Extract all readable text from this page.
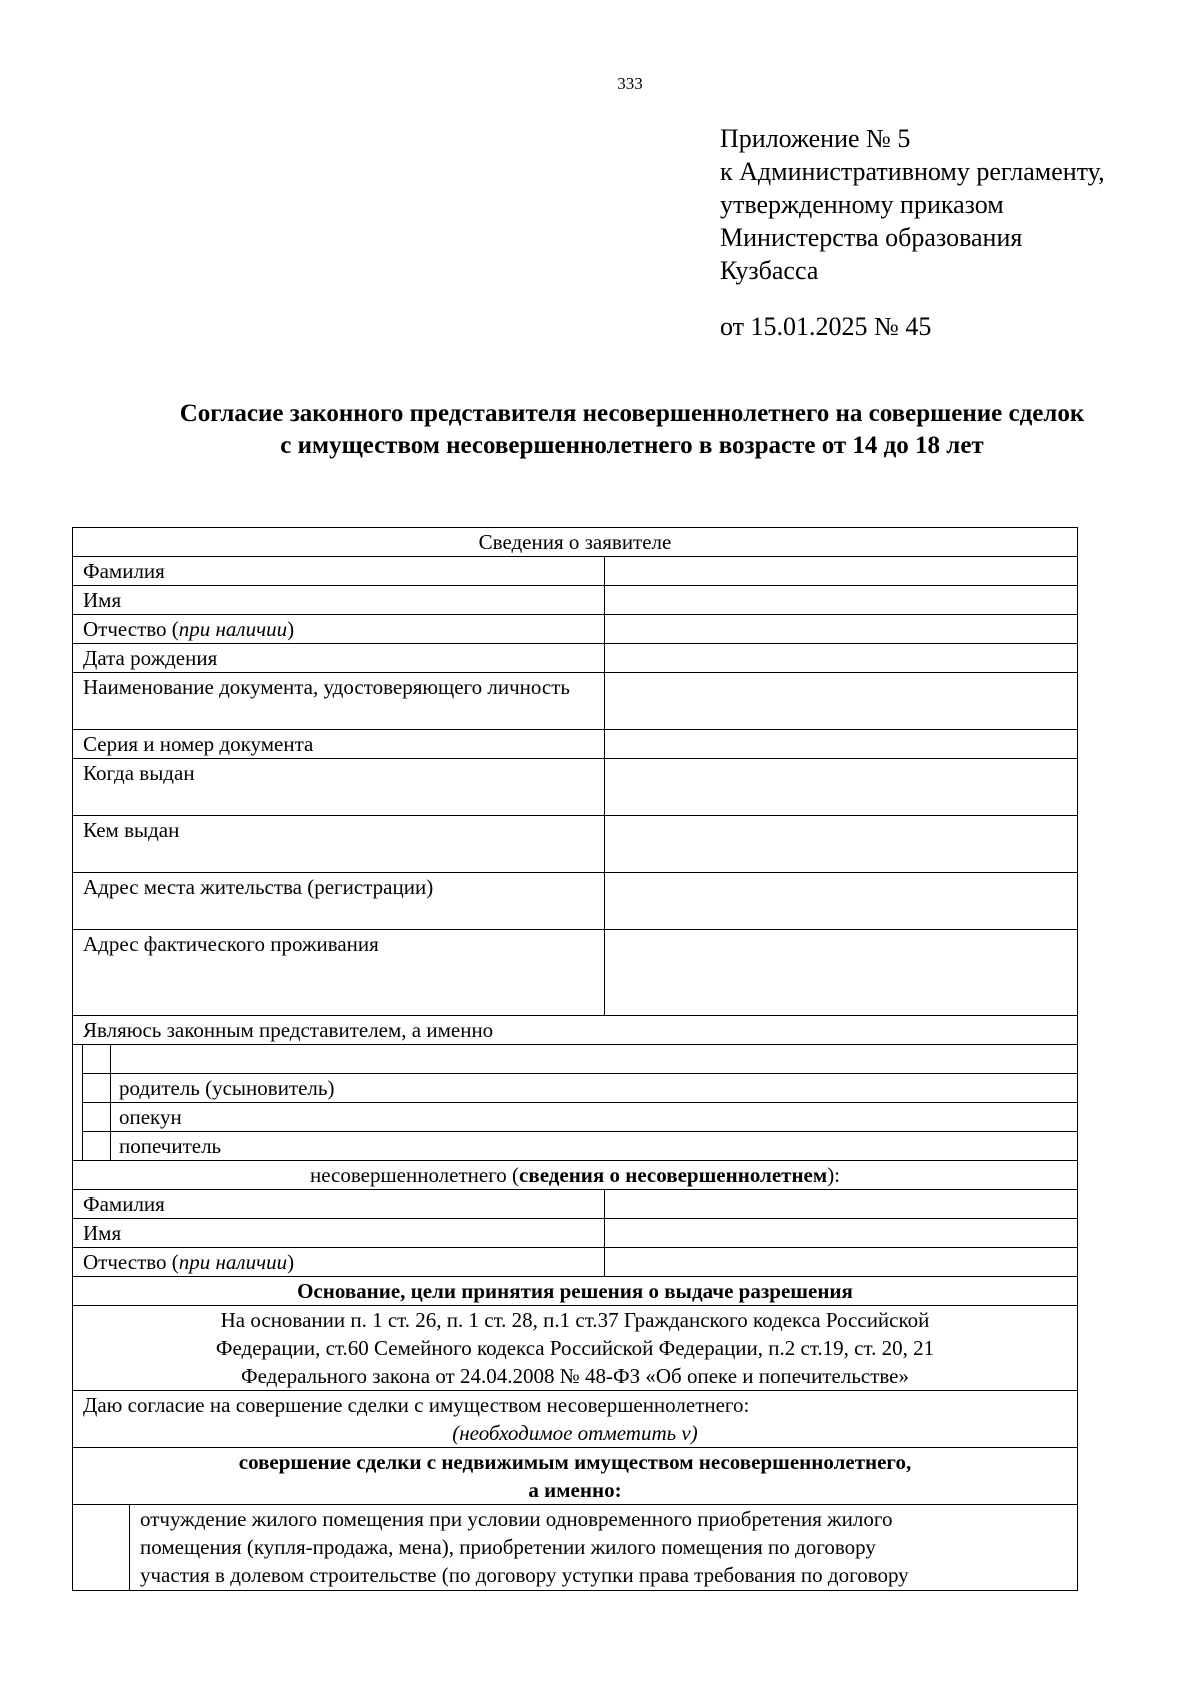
333
Приложение № 5
к Административному регламенту,
утвержденному приказом
Министерства образования
Кузбасса
от 15.01.2025 № 45
Согласие законного представителя несовершеннолетнего на совершение сделок
с имуществом несовершеннолетнего в возрасте от 14 до 18 лет
Сведения о заявителе
Фамилия	
Имя	
Отчество (при наличии)	
Дата рождения	
Наименование документа, удостоверяющего личность	
Серия и номер документа	
Когда выдан	
Кем выдан	
Адрес места жительства (регистрации)	
Адрес фактического проживания	
Являюсь законным представителем, а именно

		родитель (усыновитель)
		опекун
		попечитель

несовершеннолетнего (сведения о несовершеннолетнем):
Фамилия	
Имя	
Отчество (при наличии)	
Основание, цели принятия решения о выдаче разрешения

На основании п. 1 ст. 26, п. 1 ст. 28, п.1 ст.37 Гражданского кодекса Российской
Федерации, ст.60 Семейного кодекса Российской Федерации, п.2 ст.19, ст. 20, 21
Федерального закона от 24.04.2008 № 48-ФЗ «Об опеке и попечительстве»

Даю согласие на совершение сделки с имуществом несовершеннолетнего:
(необходимое отметить v)

совершение сделки с недвижимым имуществом несовершеннолетнего,
а именно:

отчуждение жилого помещения при условии одновременного приобретения жилого
помещения (купля-продажа, мена), приобретении жилого помещения по договору
участия в долевом строительстве (по договору уступки права требования по договору
